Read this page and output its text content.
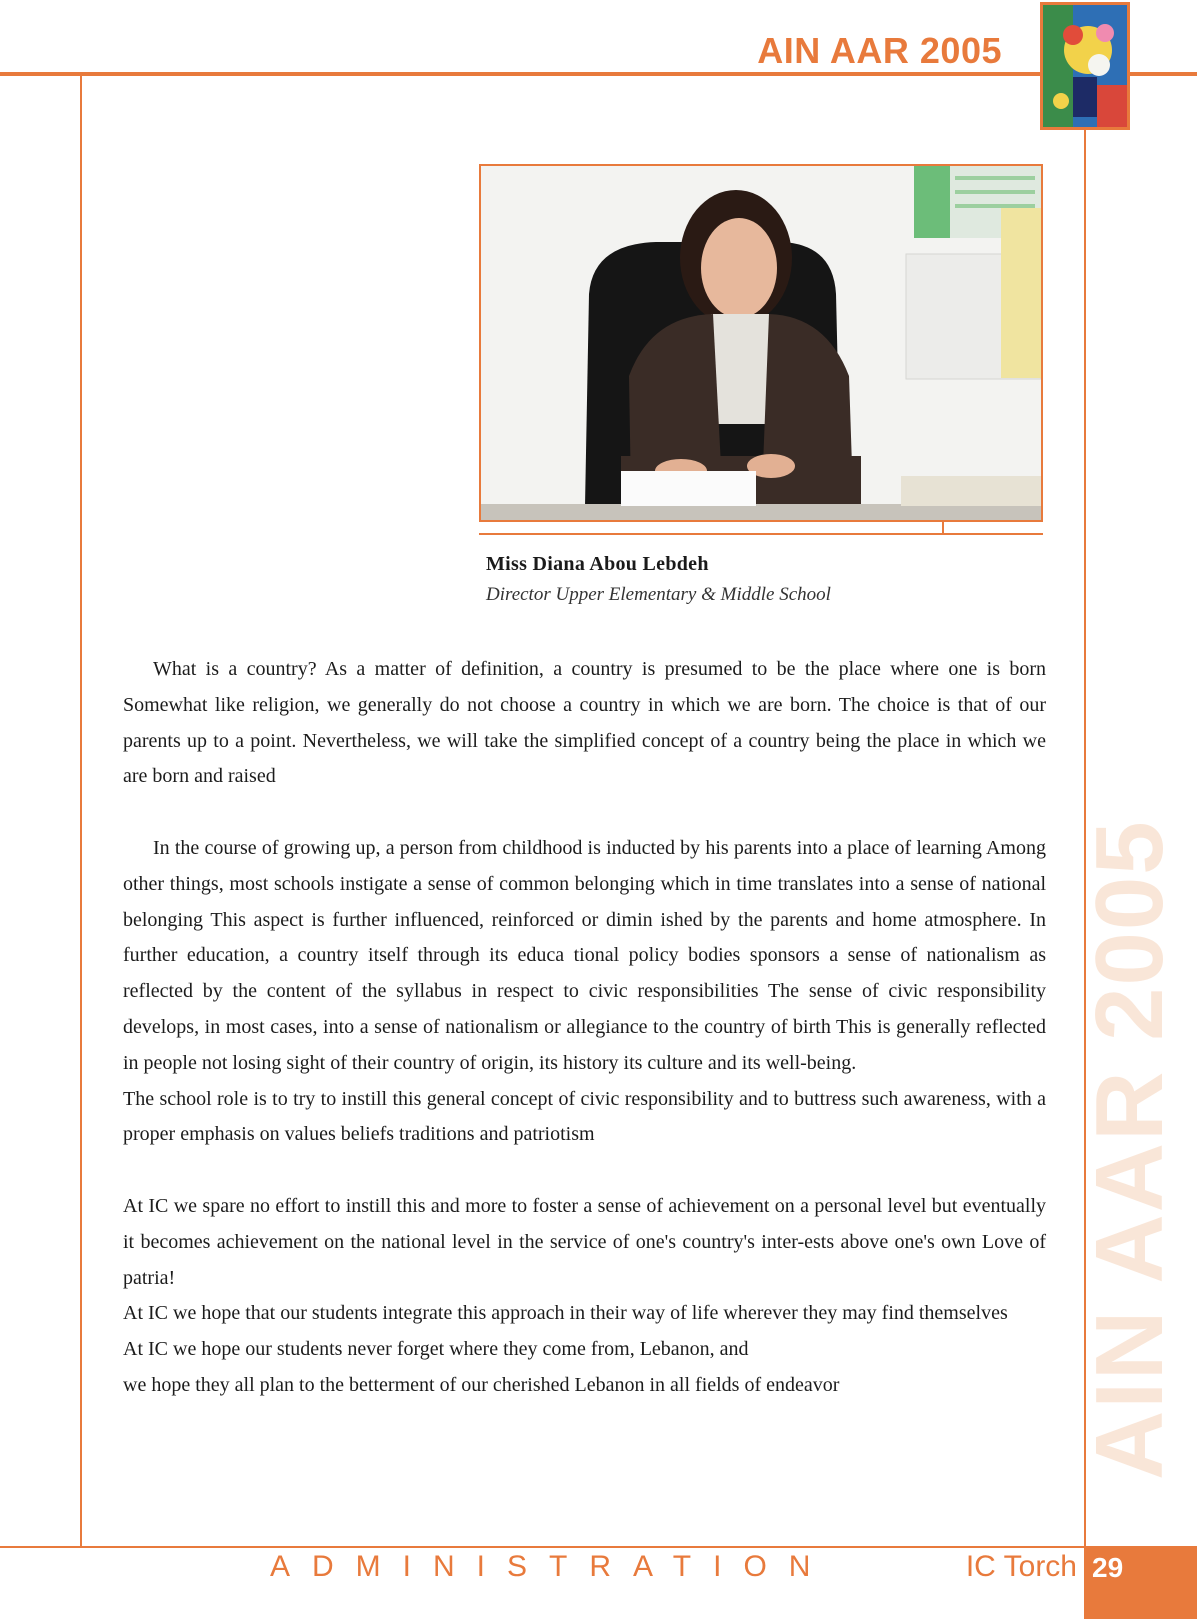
AIN AAR 2005

Miss Diana Abou Lebdeh

Director Upper Elementary & Middle School

What is a country? As a matter of definition, a country is presumed to be the place where one is born Somewhat like religion, we generally do not choose a country in which we are born. The choice is that of our parents up to a point. Nevertheless, we will take the simplified concept of a country being the place in which we are born and raised

In the course of growing up, a person from childhood is inducted by his parents into a place of learning Among other things, most schools instigate a sense of common belonging which in time translates into a sense of national belonging This aspect is further influenced, reinforced or dimin ished by the parents and home atmosphere. In further education, a country itself through its educa tional policy bodies sponsors a sense of nationalism as reflected by the content of the syllabus in respect to civic responsibilities The sense of civic responsibility develops, in most cases, into a sense of nationalism or allegiance to the country of birth This is generally reflected in people not losing sight of their country of origin, its history its culture and its well-being.

The school role is to try to instill this general concept of civic responsibility and to buttress such awareness, with a proper emphasis on values beliefs traditions and patriotism

At IC we spare no effort to instill this and more to foster a sense of achievement on a personal level but eventually it becomes achievement on the national level in the service of one's country's inter-ests above one's own Love of patria!

At IC we hope that our students integrate this approach in their way of life wherever they may find themselves

At IC we hope our students never forget where they come from, Lebanon, and

we hope they all plan to the betterment of our cherished Lebanon in all fields of endeavor	AIN AAR 2005
ADMINISTRATION	IC Torch 29
